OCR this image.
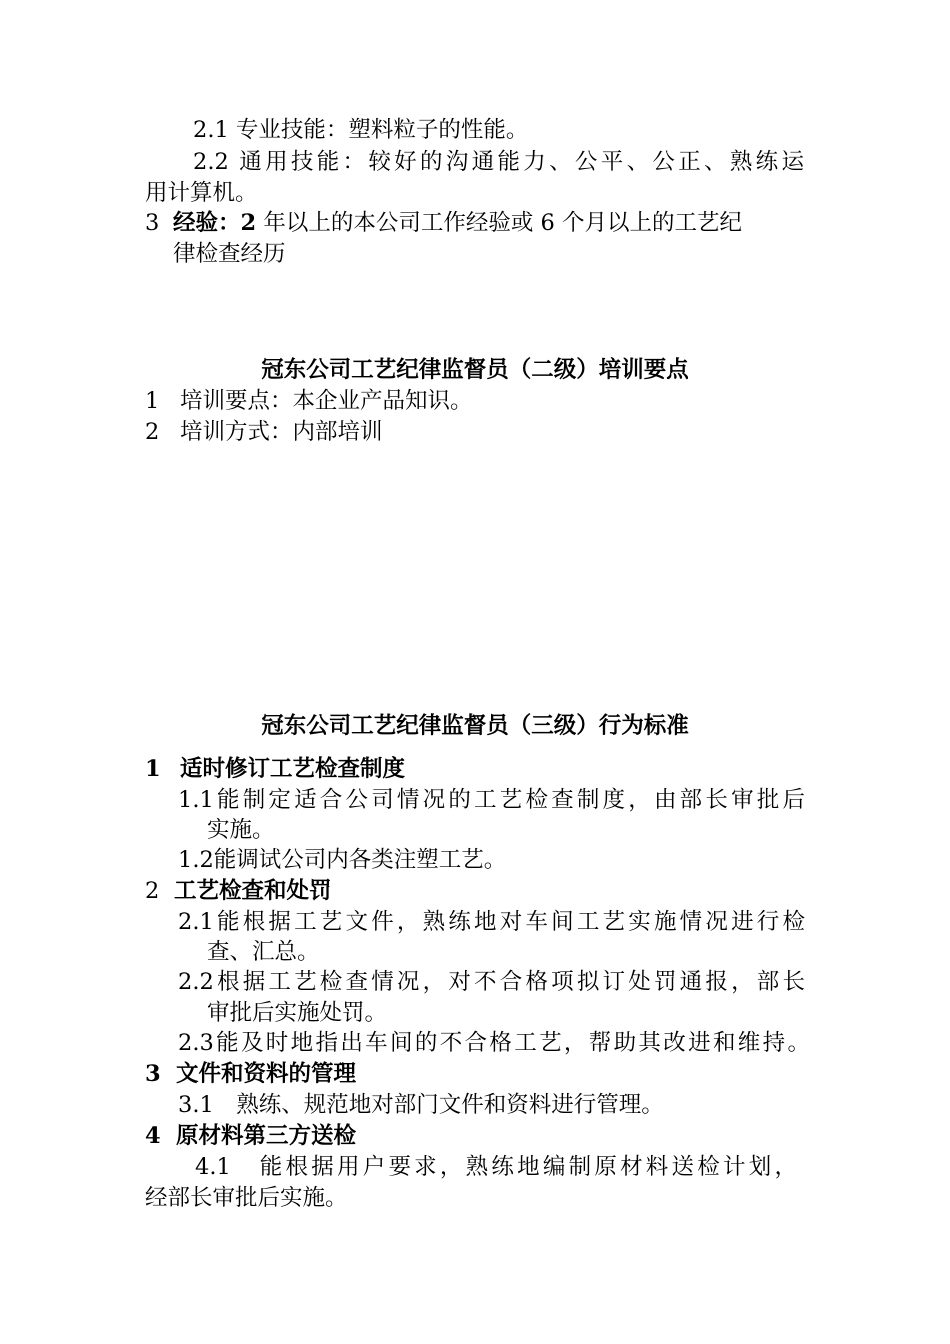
2.1 专业技能：塑料粒子的性能。
2.2 通用技能：较好的沟通能力、公平、公正、熟练运
用计算机。
3 经验：2 年以上的本公司工作经验或 6 个月以上的工艺纪
律检查经历
冠东公司工艺纪律监督员（二级）培训要点
1 培训要点：本企业产品知识。
2 培训方式：内部培训
冠东公司工艺纪律监督员（三级）行为标准
1 适时修订工艺检查制度
1.1能制定适合公司情况的工艺检查制度，由部长审批后
实施。
1.2能调试公司内各类注塑工艺。
2 工艺检查和处罚
2.1能根据工艺文件，熟练地对车间工艺实施情况进行检
查、汇总。
2.2根据工艺检查情况，对不合格项拟订处罚通报，部长
审批后实施处罚。
2.3能及时地指出车间的不合格工艺，帮助其改进和维持。
3 文件和资料的管理
3.1　熟练、规范地对部门文件和资料进行管理。
4 原材料第三方送检
4.1　能根据用户要求，熟练地编制原材料送检计划，
经部长审批后实施。
